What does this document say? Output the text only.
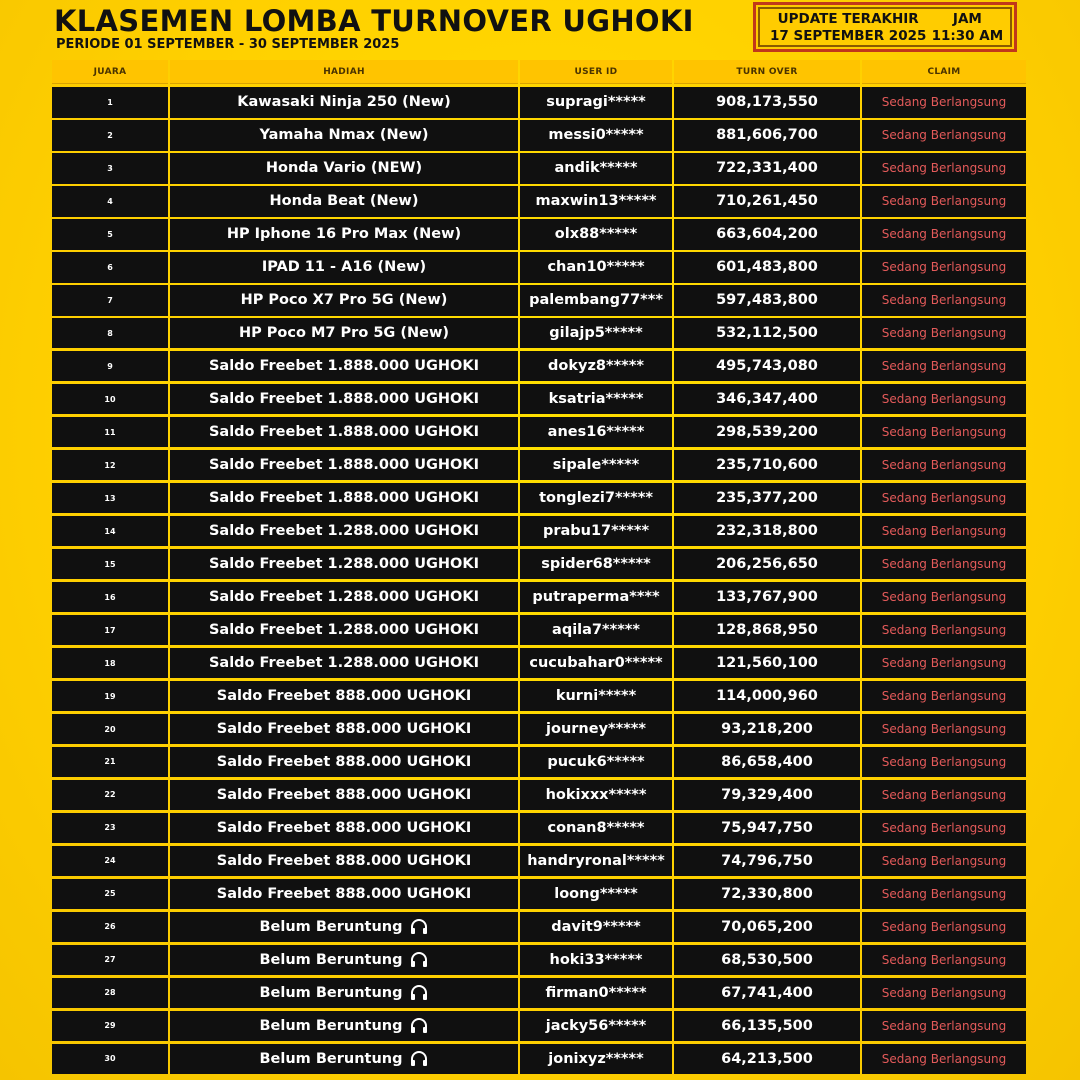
KLASEMEN LOMBA TURNOVER UGHOKI
PERIODE 01 SEPTEMBER - 30 SEPTEMBER 2025
UPDATE TERAKHIR	JAM
17 SEPTEMBER 2025 11:30 AM
JUARA	HADIAH	USER ID	TURN OVER	CLAIM
1	Kawasaki Ninja 250 (New)	supragi*****	908,173,550	Sedang Berlangsung
2	Yamaha Nmax (New)	messi0*****	881,606,700	Sedang Berlangsung
3	Honda Vario (NEW)	andik*****	722,331,400	Sedang Berlangsung
4	Honda Beat (New)	maxwin13*****	710,261,450	Sedang Berlangsung
5	HP Iphone 16 Pro Max (New)	olx88*****	663,604,200	Sedang Berlangsung
6	IPAD 11 - A16 (New)	chan10*****	601,483,800	Sedang Berlangsung
7	HP Poco X7 Pro 5G (New)	palembang77***	597,483,800	Sedang Berlangsung
8	HP Poco M7 Pro 5G (New)	gilajp5*****	532,112,500	Sedang Berlangsung
9	Saldo Freebet 1.888.000 UGHOKI	dokyz8*****	495,743,080	Sedang Berlangsung
10	Saldo Freebet 1.888.000 UGHOKI	ksatria*****	346,347,400	Sedang Berlangsung
11	Saldo Freebet 1.888.000 UGHOKI	anes16*****	298,539,200	Sedang Berlangsung
12	Saldo Freebet 1.888.000 UGHOKI	sipale*****	235,710,600	Sedang Berlangsung
13	Saldo Freebet 1.888.000 UGHOKI	tonglezi7*****	235,377,200	Sedang Berlangsung
14	Saldo Freebet 1.288.000 UGHOKI	prabu17*****	232,318,800	Sedang Berlangsung
15	Saldo Freebet 1.288.000 UGHOKI	spider68*****	206,256,650	Sedang Berlangsung
16	Saldo Freebet 1.288.000 UGHOKI	putraperma****	133,767,900	Sedang Berlangsung
17	Saldo Freebet 1.288.000 UGHOKI	aqila7*****	128,868,950	Sedang Berlangsung
18	Saldo Freebet 1.288.000 UGHOKI	cucubahar0*****	121,560,100	Sedang Berlangsung
19	Saldo Freebet 888.000 UGHOKI	kurni*****	114,000,960	Sedang Berlangsung
20	Saldo Freebet 888.000 UGHOKI	journey*****	93,218,200	Sedang Berlangsung
21	Saldo Freebet 888.000 UGHOKI	pucuk6*****	86,658,400	Sedang Berlangsung
22	Saldo Freebet 888.000 UGHOKI	hokixxx*****	79,329,400	Sedang Berlangsung
23	Saldo Freebet 888.000 UGHOKI	conan8*****	75,947,750	Sedang Berlangsung
24	Saldo Freebet 888.000 UGHOKI	handryronal*****	74,796,750	Sedang Berlangsung
25	Saldo Freebet 888.000 UGHOKI	loong*****	72,330,800	Sedang Berlangsung
26	Belum Beruntung	davit9*****	70,065,200	Sedang Berlangsung
27	Belum Beruntung	hoki33*****	68,530,500	Sedang Berlangsung
28	Belum Beruntung	firman0*****	67,741,400	Sedang Berlangsung
29	Belum Beruntung	jacky56*****	66,135,500	Sedang Berlangsung
30	Belum Beruntung	jonixyz*****	64,213,500	Sedang Berlangsung
